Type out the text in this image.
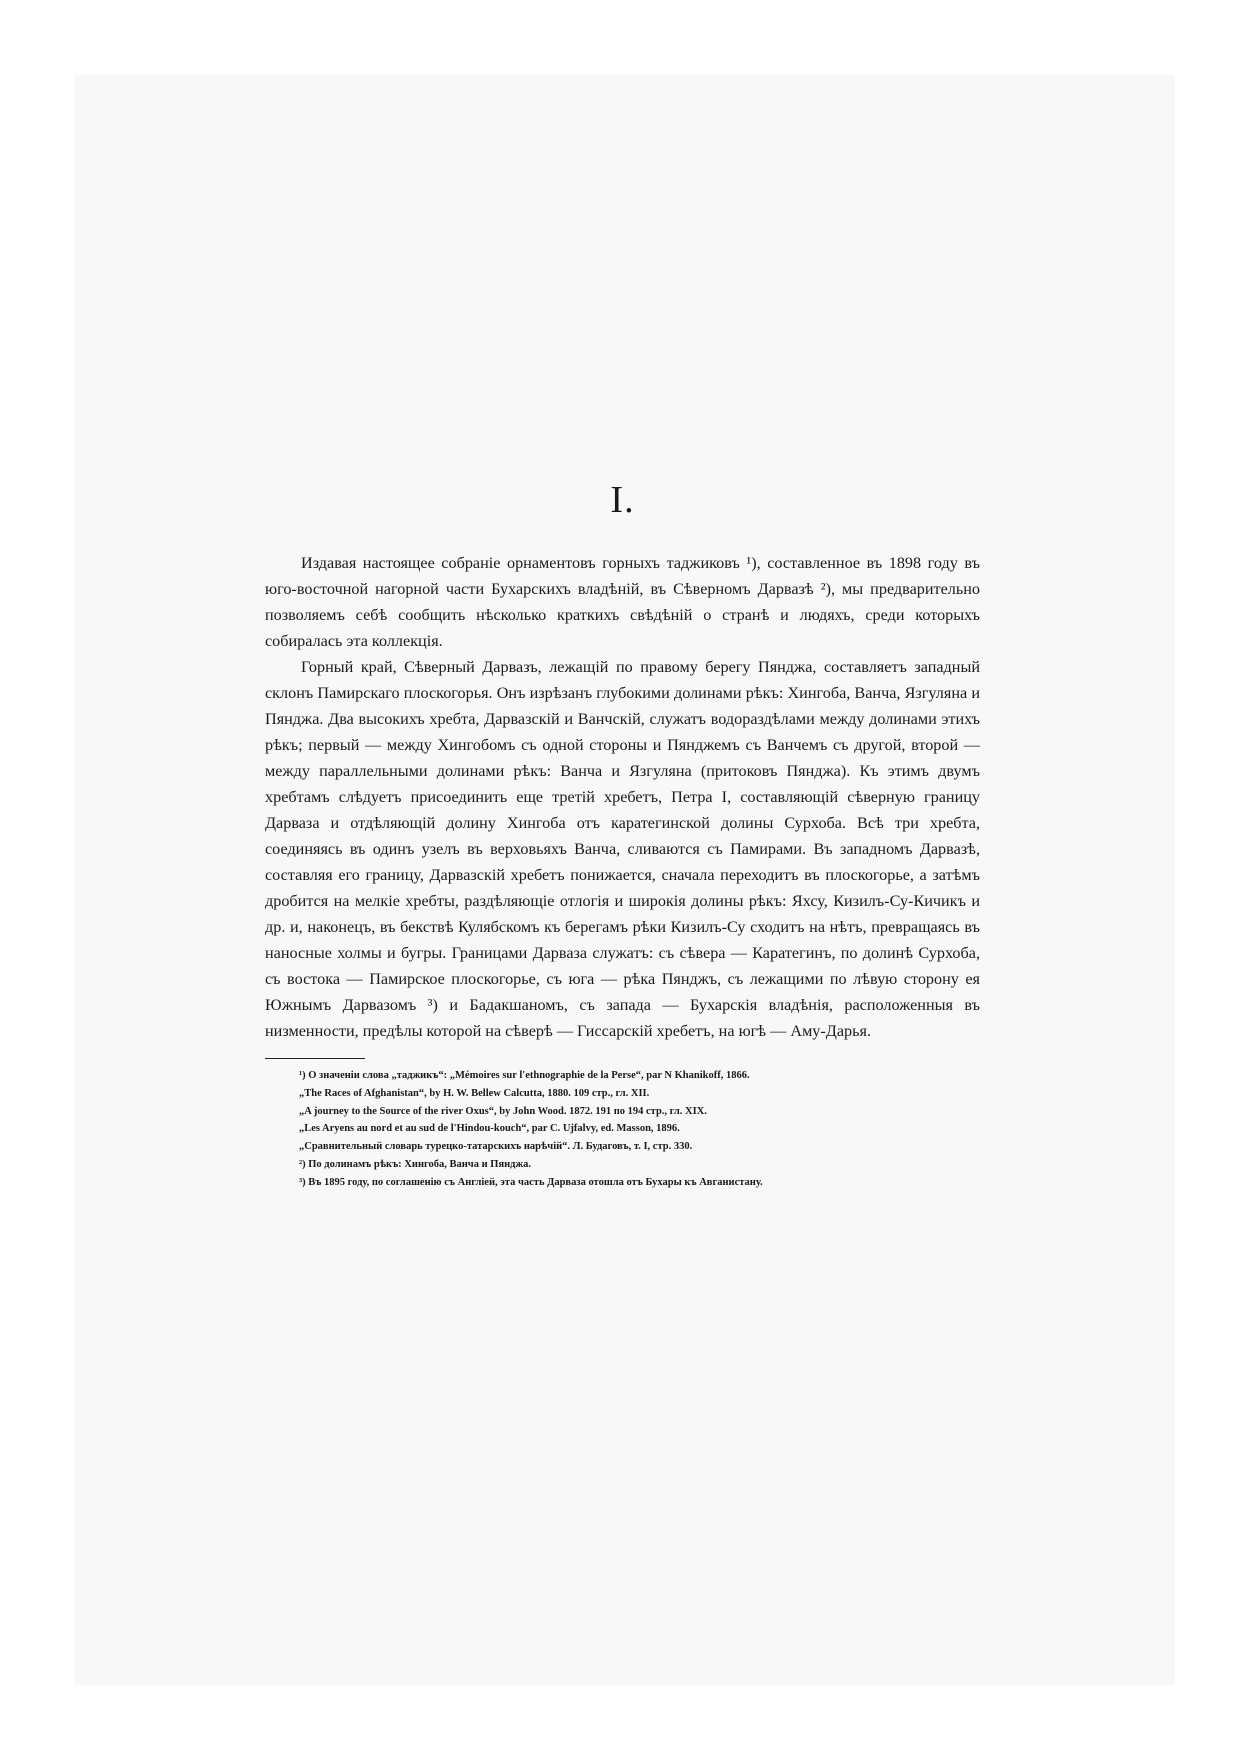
I.

Издавая настоящее собраніе орнаментовъ горныхъ таджиковъ ¹), составленное въ 1898 году въ юго-восточной нагорной части Бухарскихъ владѣній, въ Сѣверномъ Дарвазѣ ²), мы предварительно позволяемъ себѣ сообщить нѣсколько краткихъ свѣдѣній о странѣ и людяхъ, среди которыхъ собиралась эта коллекція.

Горный край, Сѣверный Дарвазъ, лежащій по правому берегу Пянджа, составляетъ западный склонъ Памирскаго плоскогорья. Онъ изрѣзанъ глубокими долинами рѣкъ: Хингоба, Ванча, Язгуляна и Пянджа. Два высокихъ хребта, Дарвазскій и Ванчскій, служатъ водораздѣлами между долинами этихъ рѣкъ; первый — между Хингобомъ съ одной стороны и Пянджемъ съ Ванчемъ съ другой, второй — между параллельными долинами рѣкъ: Ванча и Язгуляна (притоковъ Пянджа). Къ этимъ двумъ хребтамъ слѣдуетъ присоединить еще третій хребетъ, Петра I, составляющій сѣверную границу Дарваза и отдѣляющій долину Хингоба отъ каратегинской долины Сурхоба. Всѣ три хребта, соединяясь въ одинъ узелъ въ верховьяхъ Ванча, сливаются съ Памирами. Въ западномъ Дарвазѣ, составляя его границу, Дарвазскій хребетъ понижается, сначала переходитъ въ плоскогорье, а затѣмъ дробится на мелкіе хребты, раздѣляющіе отлогія и широкія долины рѣкъ: Яхсу, Кизилъ-Су-Кичикъ и др. и, наконецъ, въ бекствѣ Кулябскомъ къ берегамъ рѣки Кизилъ-Су сходитъ на нѣтъ, превращаясь въ наносные холмы и бугры. Границами Дарваза служатъ: съ сѣвера — Каратегинъ, по долинѣ Сурхоба, съ востока — Памирское плоскогорье, съ юга — рѣка Пянджъ, съ лежащими по лѣвую сторону ея Южнымъ Дарвазомъ ³) и Бадакшаномъ, съ запада — Бухарскія владѣнія, расположенныя въ низменности, предѣлы которой на сѣверѣ — Гиссарскій хребетъ, на югѣ — Аму-Дарья.

¹) О значеніи слова „таджикъ“: „Mémoires sur l'ethnographie de la Perse“, par N Khanikoff, 1866.
„The Races of Afghanistan“, by H. W. Bellew Calcutta, 1880. 109 стр., гл. XII.
„A journey to the Source of the river Oxus“, by John Wood. 1872. 191 по 194 стр., гл. XIX.
„Les Aryens au nord et au sud de l'Hindou-kouch“, par C. Ujfalvy, ed. Masson, 1896.
„Сравнительный словарь турецко-татарскихъ нарѣчій“. Л. Будаговъ, т. I, стр. 330.
²) По долинамъ рѣкъ: Хингоба, Ванча и Пянджа.
³) Въ 1895 году, по соглашенію съ Англіей, эта часть Дарваза отошла отъ Бухары къ Авганистану.
